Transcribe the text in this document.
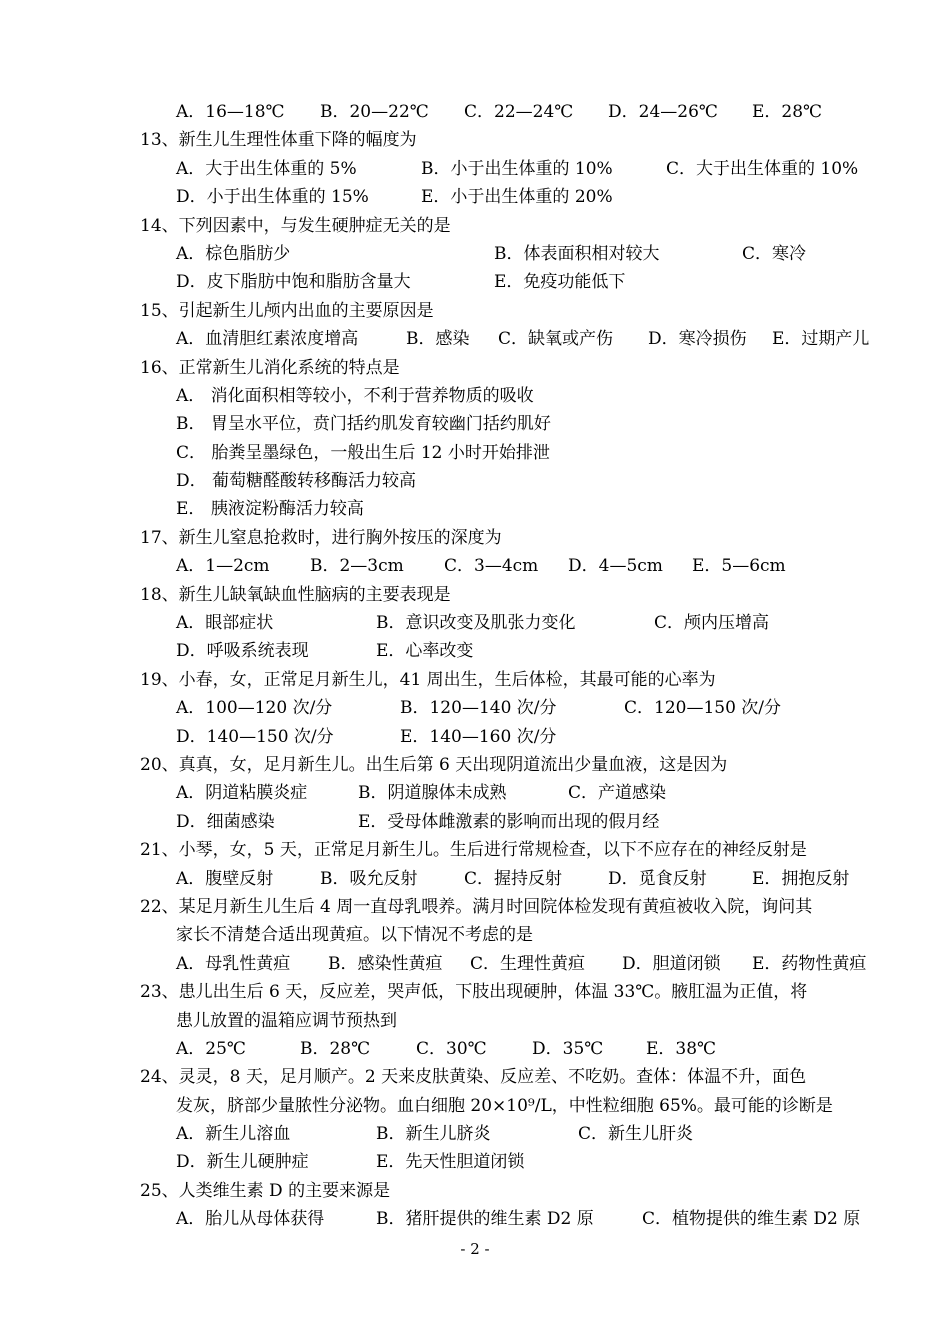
A．16—18℃ B．20—22℃ C．22—24℃ D．24—26℃ E．28℃
13、新生儿生理性体重下降的幅度为
A．大于出生体重的 5%	B．小于出生体重的 10%	C．大于出生体重的 10%
D．小于出生体重的 15%	E．小于出生体重的 20%
14、下列因素中，与发生硬肿症无关的是
A．棕色脂肪少	B．体表面积相对较大	C．寒冷
D．皮下脂肪中饱和脂肪含量大	E．免疫功能低下
15、引起新生儿颅内出血的主要原因是
A．血清胆红素浓度增高	B．感染 C．缺氧或产伤 D．寒冷损伤 E．过期产儿
16、正常新生儿消化系统的特点是
A． 消化面积相等较小，不利于营养物质的吸收
B． 胃呈水平位，贲门括约肌发育较幽门括约肌好
C． 胎粪呈墨绿色，一般出生后 12 小时开始排泄
D． 葡萄糖醛酸转移酶活力较高
E． 胰液淀粉酶活力较高
17、新生儿窒息抢救时，进行胸外按压的深度为
A．1—2cm B．2—3cm C．3—4cm D．4—5cm E．5—6cm
18、新生儿缺氧缺血性脑病的主要表现是
A．眼部症状	B．意识改变及肌张力变化	C．颅内压增高
D．呼吸系统表现	E．心率改变
19、小春，女，正常足月新生儿，41 周出生，生后体检，其最可能的心率为
A．100—120 次/分	B．120—140 次/分	C．120—150 次/分
D．140—150 次/分	E．140—160 次/分
20、真真，女，足月新生儿。出生后第 6 天出现阴道流出少量血液，这是因为
A．阴道粘膜炎症	B．阴道腺体未成熟	C．产道感染
D．细菌感染	E．受母体雌激素的影响而出现的假月经
21、小琴，女，5 天，正常足月新生儿。生后进行常规检查，以下不应存在的神经反射是
A．腹壁反射	B．吸允反射	C．握持反射	D．觅食反射	E．拥抱反射
22、某足月新生儿生后 4 周一直母乳喂养。满月时回院体检发现有黄疸被收入院，询问其
家长不清楚合适出现黄疸。以下情况不考虑的是
A．母乳性黄疸 B．感染性黄疸 C．生理性黄疸 D．胆道闭锁 E．药物性黄疸
23、患儿出生后 6 天，反应差，哭声低，下肢出现硬肿，体温 33℃。腋肛温为正值，将
患儿放置的温箱应调节预热到
A．25℃	B．28℃	C．30℃	D．35℃	E．38℃
24、灵灵，8 天，足月顺产。2 天来皮肤黄染、反应差、不吃奶。查体：体温不升，面色
发灰，脐部少量脓性分泌物。血白细胞 20×10⁹/L，中性粒细胞 65%。最可能的诊断是
A．新生儿溶血	B．新生儿脐炎	C．新生儿肝炎
D．新生儿硬肿症	E．先天性胆道闭锁
25、人类维生素 D 的主要来源是
A．胎儿从母体获得	B．猪肝提供的维生素 D2 原	C．植物提供的维生素 D2 原
- 2 -
